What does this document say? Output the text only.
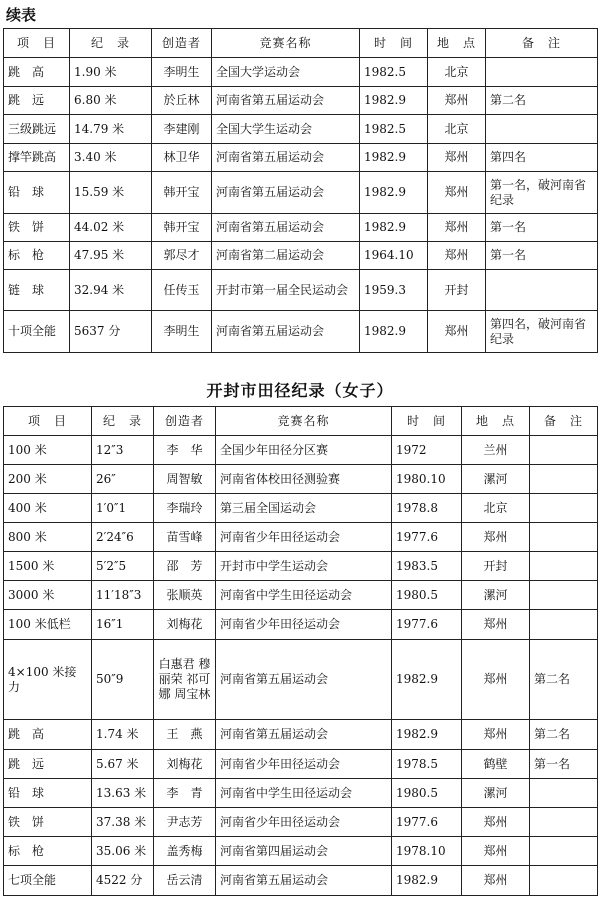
续表
项　目	纪　录	创造者	竞赛名称	时　间	地　点	备　注
跳　高	1.90 米	李明生	全国大学运动会	1982.5	北京	
跳　远	6.80 米	於丘林	河南省第五届运动会	1982.9	郑州	第二名
三级跳远	14.79 米	李建刚	全国大学生运动会	1982.5	北京	
撑竿跳高	3.40 米	林卫华	河南省第五届运动会	1982.9	郑州	第四名
铅　球	15.59 米	韩开宝	河南省第五届运动会	1982.9	郑州	第一名，破河南省纪录
铁　饼	44.02 米	韩开宝	河南省第五届运动会	1982.9	郑州	第一名
标　枪	47.95 米	郭尽才	河南省第二届运动会	1964.10	郑州	第一名
链　球	32.94 米	任传玉	开封市第一届全民运动会	1959.3	开封	
十项全能	5637 分	李明生	河南省第五届运动会	1982.9	郑州	第四名，破河南省纪录
开封市田径纪录（女子）
项　目	纪　录	创造者	竞赛名称	时　间	地　点	备　注
100 米	12″3	李　华	全国少年田径分区赛	1972	兰州	
200 米	26″	周智敏	河南省体校田径测验赛	1980.10	漯河	
400 米	1′0″1	李瑞玲	第三届全国运动会	1978.8	北京	
800 米	2′24″6	苗雪峰	河南省少年田径运动会	1977.6	郑州	
1500 米	5′2″5	邵　芳	开封市中学生运动会	1983.5	开封	
3000 米	11′18″3	张顺英	河南省中学生田径运动会	1980.5	漯河	
100 米低栏	16″1	刘梅花	河南省少年田径运动会	1977.6	郑州	
4×100 米接力	50″9	白惠君 穆丽荣 祁可娜 周宝林	河南省第五届运动会	1982.9	郑州	第二名
跳　高	1.74 米	王　燕	河南省第五届运动会	1982.9	郑州	第二名
跳　远	5.67 米	刘梅花	河南省少年田径运动会	1978.5	鹤壁	第一名
铅　球	13.63 米	李　青	河南省中学生田径运动会	1980.5	漯河	
铁　饼	37.38 米	尹志芳	河南省少年田径运动会	1977.6	郑州	
标　枪	35.06 米	盖秀梅	河南省第四届运动会	1978.10	郑州	
七项全能	4522 分	岳云清	河南省第五届运动会	1982.9	郑州	
